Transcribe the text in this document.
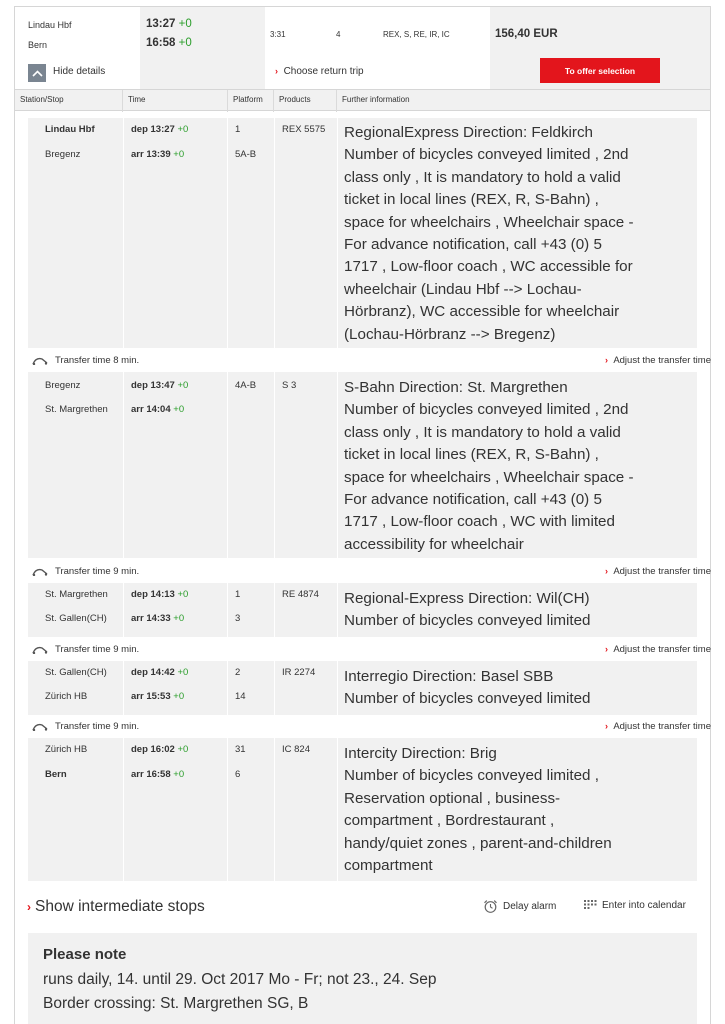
Lindau Hbf
Bern
Hide details
13:27 +0
16:58 +0
3:31	4	REX, S, RE, IR, IC
› Choose return trip
156,40 EUR
To offer selection
Station/Stop	Time	Platform Products	Further information
Lindau Hbf	dep 13:27 +0	1	REX 5575
Bregenz	arr 13:39 +0	5A-B
RegionalExpress Direction: Feldkirch
Number of bicycles conveyed limited , 2nd
class only , It is mandatory to hold a valid
ticket in local lines (REX, R, S-Bahn) ,
space for wheelchairs , Wheelchair space -
For advance notification, call +43 (0) 5
1717 , Low-floor coach , WC accessible for
wheelchair (Lindau Hbf --> Lochau-
Hörbranz), WC accessible for wheelchair
(Lochau-Hörbranz --> Bregenz)
Transfer time 8 min.	› Adjust the transfer time
Bregenz	dep 13:47 +0	4A-B	S 3
St. Margrethen arr 14:04 +0
S-Bahn Direction: St. Margrethen
Number of bicycles conveyed limited , 2nd
class only , It is mandatory to hold a valid
ticket in local lines (REX, R, S-Bahn) ,
space for wheelchairs , Wheelchair space -
For advance notification, call +43 (0) 5
1717 , Low-floor coach , WC with limited
accessibility for wheelchair
Transfer time 9 min.	› Adjust the transfer time
St. Margrethen dep 14:13 +0	1	RE 4874
St. Gallen(CH)	arr 14:33 +0	3
Regional-Express Direction: Wil(CH)
Number of bicycles conveyed limited
Transfer time 9 min.	› Adjust the transfer time
St. Gallen(CH)	dep 14:42 +0	2	IR 2274
Zürich HB	arr 15:53 +0	14
Interregio Direction: Basel SBB
Number of bicycles conveyed limited
Transfer time 9 min.	› Adjust the transfer time
Zürich HB	dep 16:02 +0	31	IC 824
Bern	arr 16:58 +0	6
Intercity Direction: Brig
Number of bicycles conveyed limited ,
Reservation optional , business-
compartment , Bordrestaurant ,
handy/quiet zones , parent-and-children
compartment
› Show intermediate stops	Delay alarm	Enter into calendar
Please note
runs daily, 14. until 29. Oct 2017 Mo - Fr; not 23., 24. Sep
Border crossing: St. Margrethen SG, B
